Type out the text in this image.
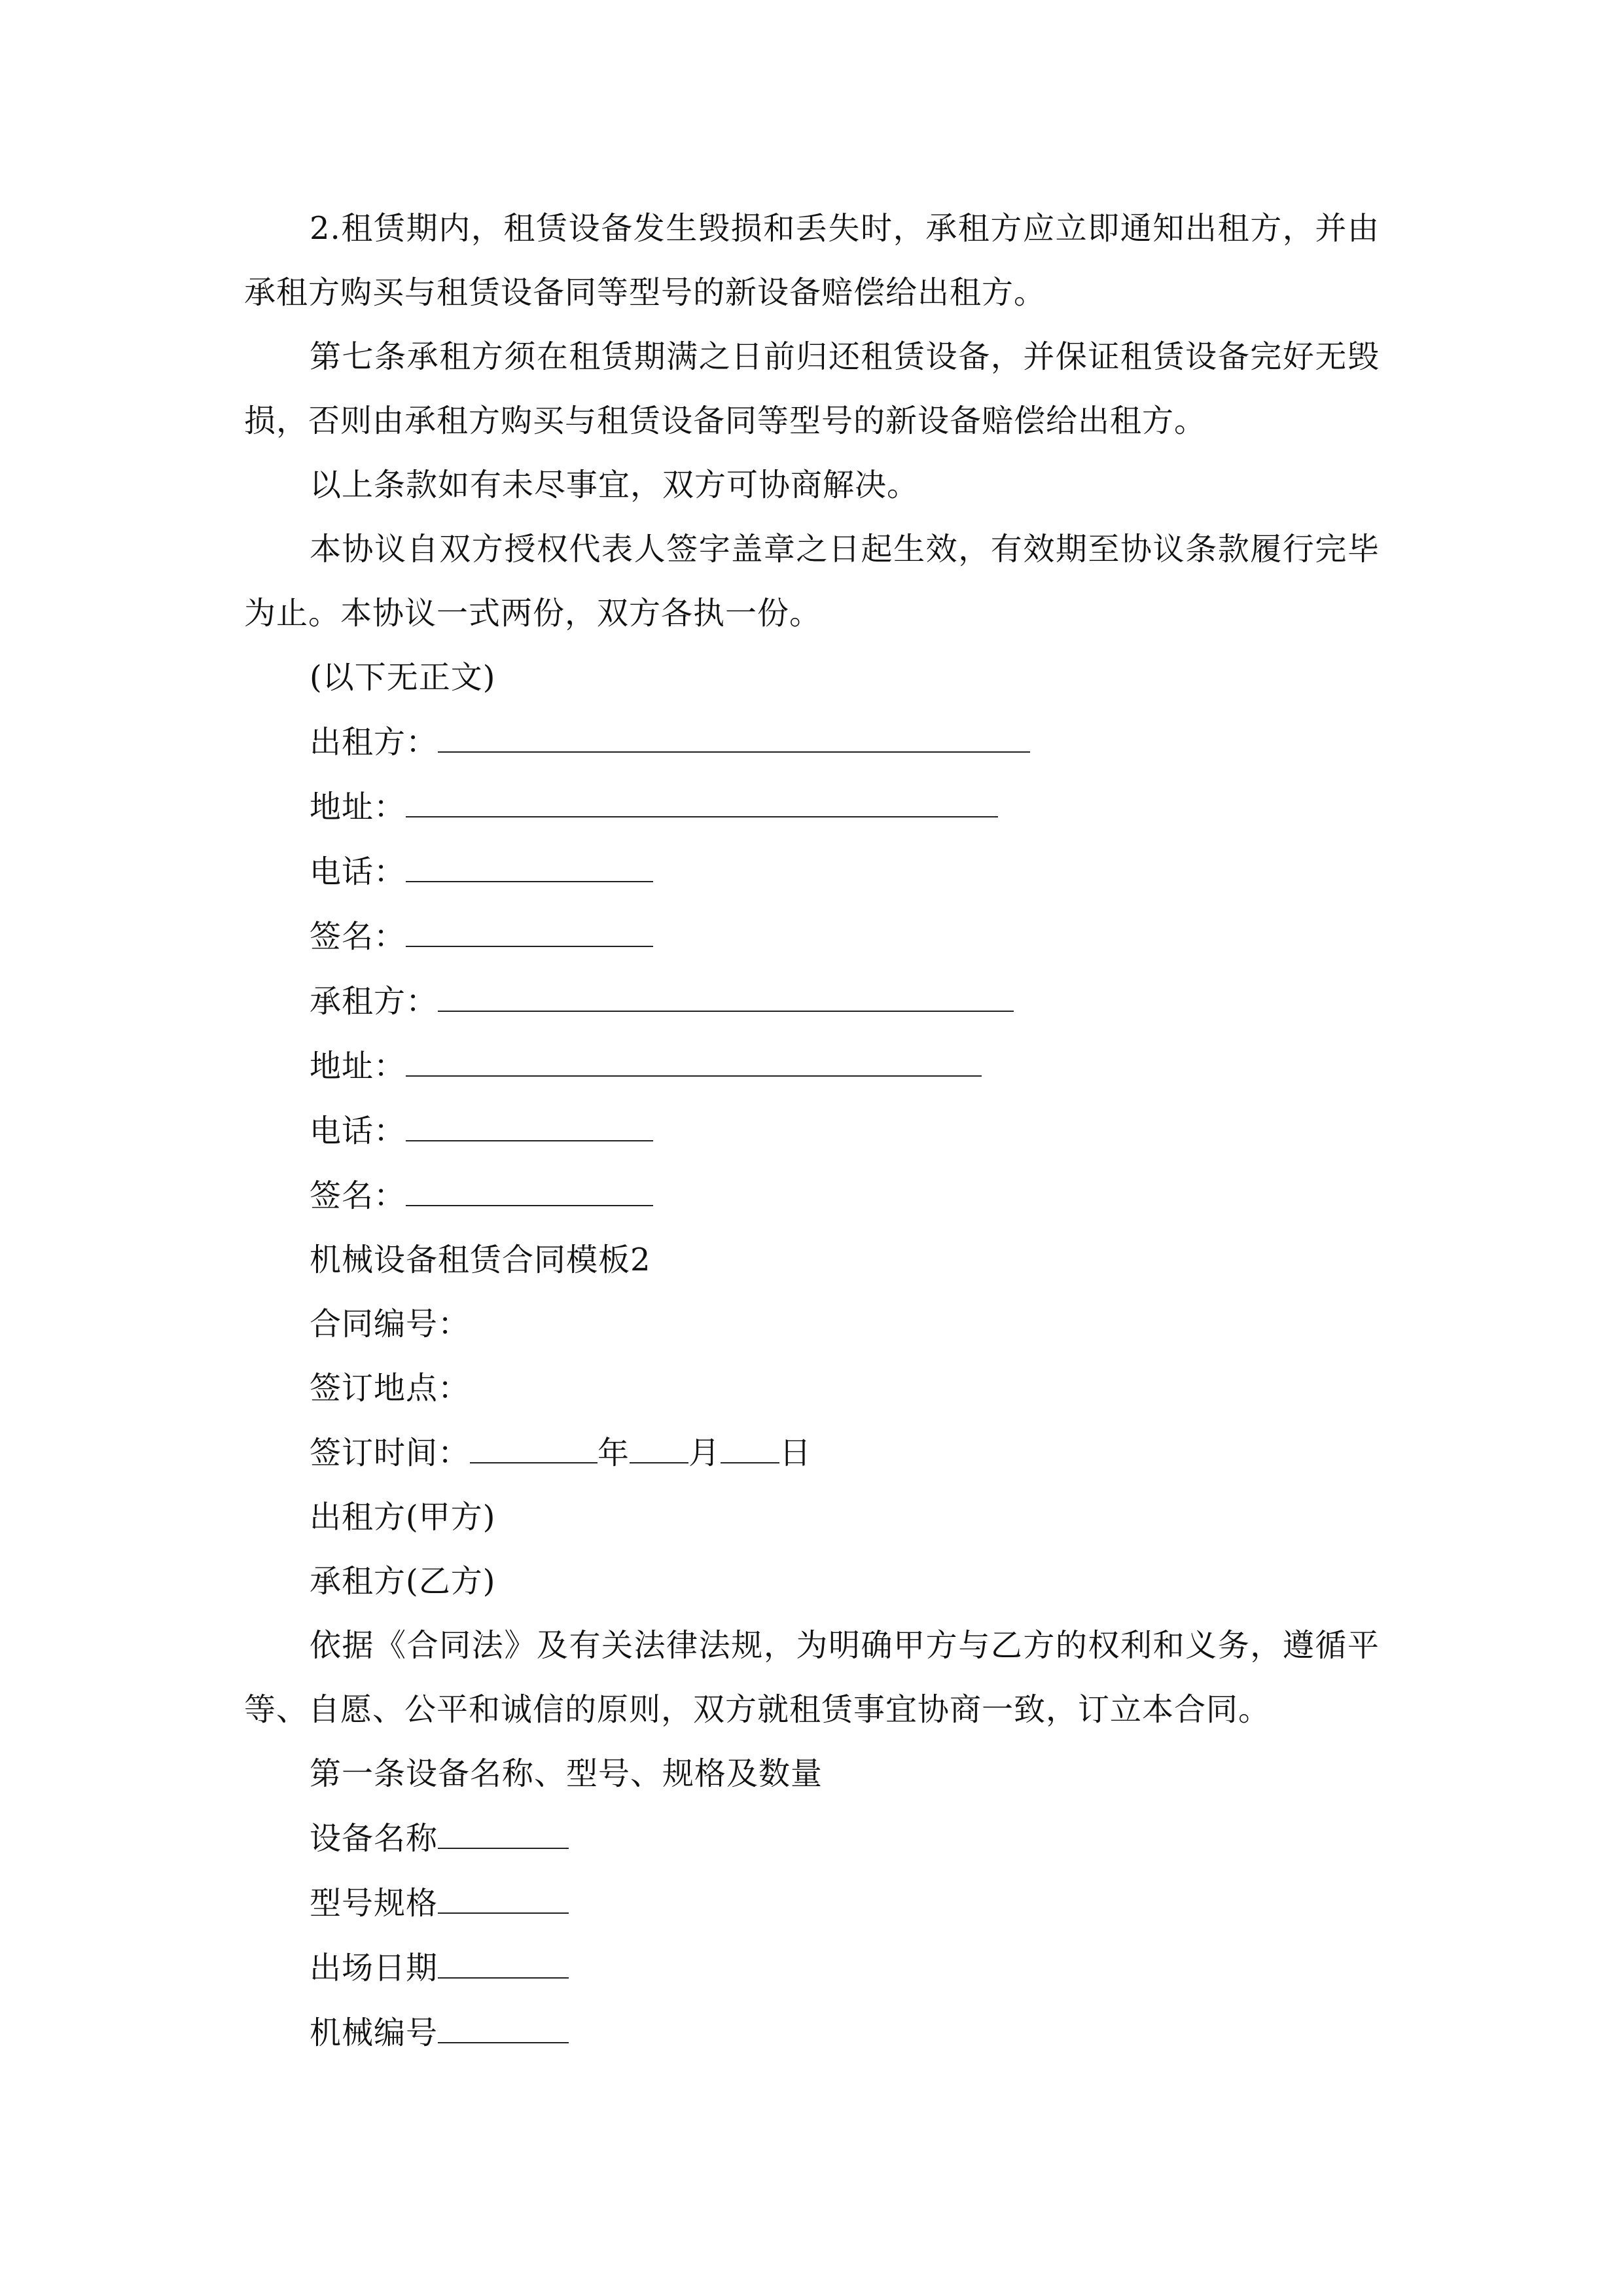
2.租赁期内，租赁设备发生毁损和丢失时，承租方应立即通知出租方，并由承租方购买与租赁设备同等型号的新设备赔偿给出租方。

第七条承租方须在租赁期满之日前归还租赁设备，并保证租赁设备完好无毁损，否则由承租方购买与租赁设备同等型号的新设备赔偿给出租方。

以上条款如有未尽事宜，双方可协商解决。

本协议自双方授权代表人签字盖章之日起生效，有效期至协议条款履行完毕为止。本协议一式两份，双方各执一份。

(以下无正文)

出租方：

地址：

电话：

签名：

承租方：

地址：

电话：

签名：

机械设备租赁合同模板2

合同编号：

签订地点：

签订时间：	年 月 日

出租方(甲方)

承租方(乙方)

依据《合同法》及有关法律法规，为明确甲方与乙方的权利和义务，遵循平等、自愿、公平和诚信的原则，双方就租赁事宜协商一致，订立本合同。

第一条设备名称、型号、规格及数量

设备名称

型号规格

出场日期

机械编号
